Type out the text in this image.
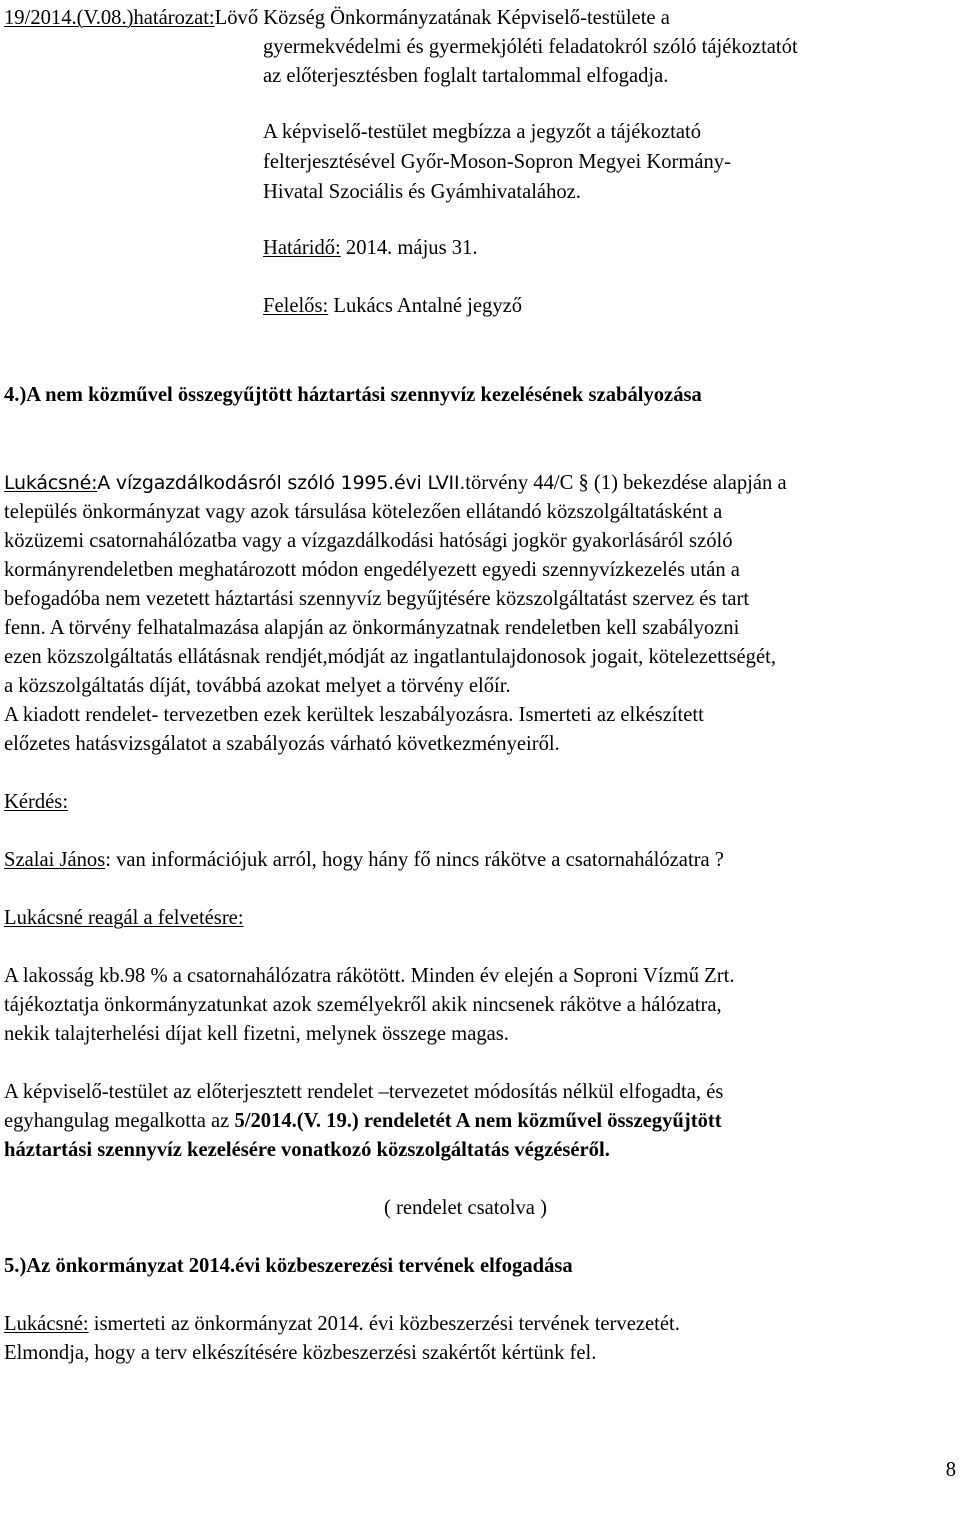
19/2014.(V.08.)határozat:Lövő Község Önkormányzatának Képviselő-testülete a
gyermekvédelmi és gyermekjóléti feladatokról szóló tájékoztatót
az előterjesztésben foglalt tartalommal elfogadja.
A képviselő-testület megbízza a jegyzőt a tájékoztató
felterjesztésével Győr-Moson-Sopron Megyei Kormány-
Hivatal Szociális és Gyámhivatalához.
Határidő: 2014. május 31.
Felelős: Lukács Antalné jegyző
4.)A nem közművel összegyűjtött háztartási szennyvíz kezelésének szabályozása
Lukácsné:A vízgazdálkodásról szóló 1995.évi LVII.törvény 44/C § (1) bekezdése alapján a
település önkormányzat vagy azok társulása kötelezően ellátandó közszolgáltatásként a
közüzemi csatornahálózatba vagy a vízgazdálkodási hatósági jogkör gyakorlásáról szóló
kormányrendeletben meghatározott módon engedélyezett egyedi szennyvízkezelés után a
befogadóba nem vezetett háztartási szennyvíz begyűjtésére közszolgáltatást szervez és tart
fenn. A törvény felhatalmazása alapján az önkormányzatnak rendeletben kell szabályozni
ezen közszolgáltatás ellátásnak rendjét,módját az ingatlantulajdonosok jogait, kötelezettségét,
a közszolgáltatás díját, továbbá azokat melyet a törvény előír.
A kiadott rendelet- tervezetben ezek kerültek leszabályozásra. Ismerteti az elkészített
előzetes hatásvizsgálatot a szabályozás várható következményeiről.
Kérdés:
Szalai János: van információjuk arról, hogy hány fő nincs rákötve a csatornahálózatra ?
Lukácsné reagál a felvetésre:
A lakosság kb.98 % a csatornahálózatra rákötött. Minden év elején a Soproni Vízmű Zrt.
tájékoztatja önkormányzatunkat azok személyekről akik nincsenek rákötve a hálózatra,
nekik talajterhelési díjat kell fizetni, melynek összege magas.
A képviselő-testület az előterjesztett rendelet –tervezetet módosítás nélkül elfogadta, és
egyhangulag megalkotta az 5/2014.(V. 19.) rendeletét A nem közművel összegyűjtött
háztartási szennyvíz kezelésére vonatkozó közszolgáltatás végzéséről.
( rendelet csatolva )
5.)Az önkormányzat 2014.évi közbeszerezési tervének elfogadása
Lukácsné: ismerteti az önkormányzat 2014. évi közbeszerzési tervének tervezetét.
Elmondja, hogy a terv elkészítésére közbeszerzési szakértőt kértünk fel.
8
